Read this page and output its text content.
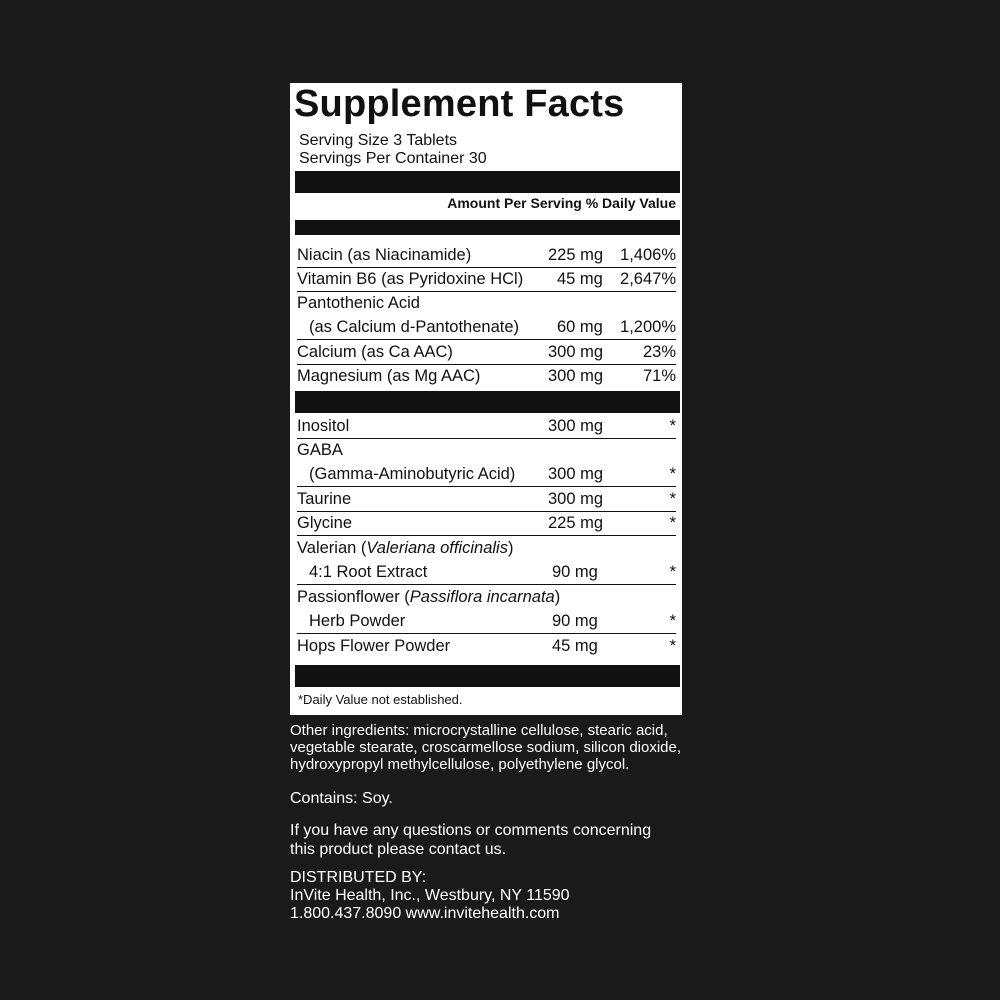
Supplement Facts
Serving Size 3 Tablets
Servings Per Container 30
Amount Per Serving % Daily Value
Niacin (as Niacinamide)	225 mg 1,406%
Vitamin B6 (as Pyridoxine HCl) 45 mg 2,647%
Pantothenic Acid
(as Calcium d-Pantothenate) 60 mg 1,200%
Calcium (as Ca AAC)	300 mg 23%
Magnesium (as Mg AAC)	300 mg 71%
Inositol	300 mg	*
GABA
(Gamma-Aminobutyric Acid) 300 mg	*
Taurine	300 mg	*
Glycine	225 mg	*
Valerian (Valeriana officinalis)
4:1 Root Extract	90 mg	*
Passionflower (Passiflora incarnata)
Herb Powder	90 mg	*
Hops Flower Powder	45 mg	*
*Daily Value not established.
Other ingredients: microcrystalline cellulose, stearic acid,
vegetable stearate, croscarmellose sodium, silicon dioxide,
hydroxypropyl methylcellulose, polyethylene glycol.
Contains: Soy.
If you have any questions or comments concerning
this product please contact us.
DISTRIBUTED BY:
InVite Health, Inc., Westbury, NY 11590
1.800.437.8090 www.invitehealth.com
